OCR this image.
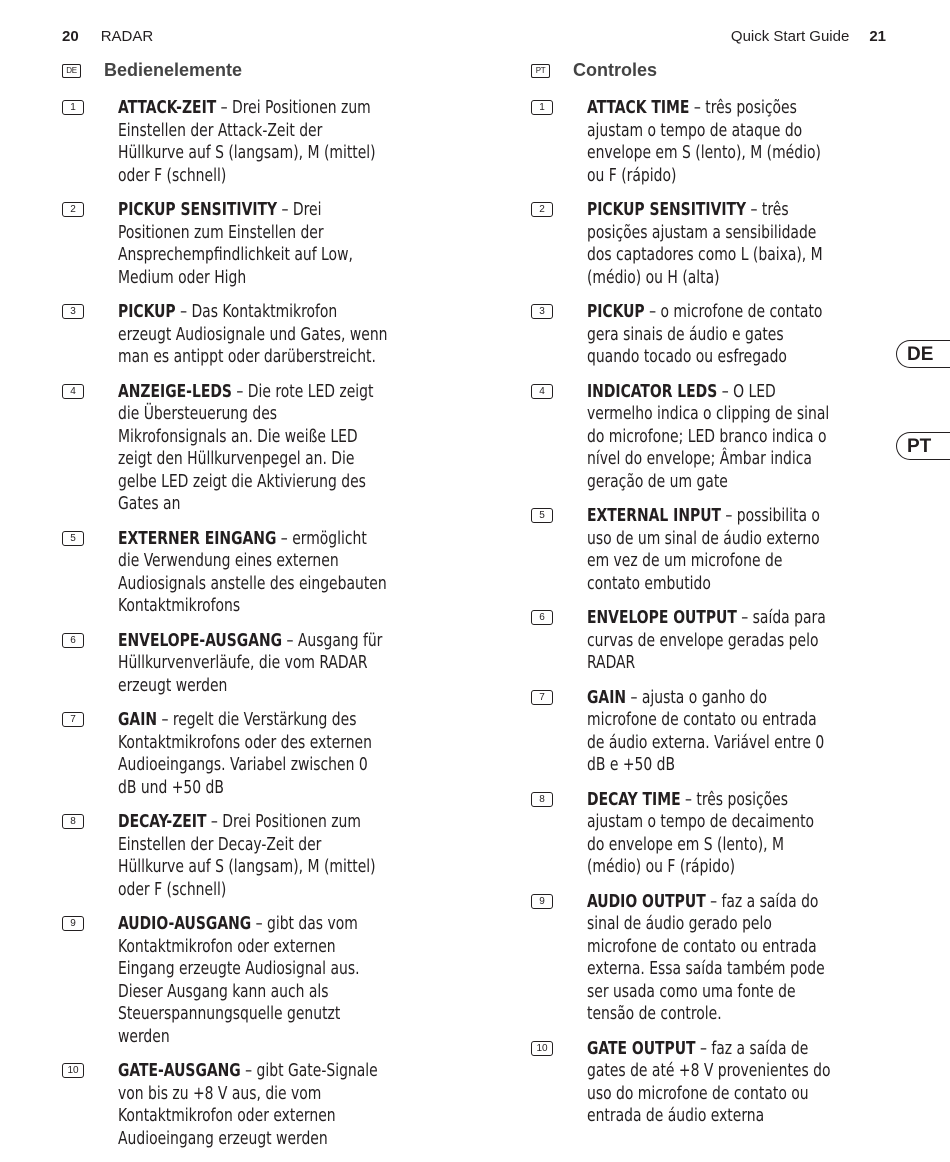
20 RADAR
DE Bedienelemente
1	ATTACK-ZEIT – Drei Positionen zum Einstellen der Attack-Zeit der Hüllkurve auf S (langsam), M (mittel) oder F (schnell)
2	PICKUP SENSITIVITY – Drei Positionen zum Einstellen der Ansprechempfindlichkeit auf Low, Medium oder High
3	PICKUP – Das Kontaktmikrofon erzeugt Audiosignale und Gates, wenn man es antippt oder darüberstreicht.
4	ANZEIGE-LEDS – Die rote LED zeigt die Übersteuerung des Mikrofonsignals an. Die weiße LED zeigt den Hüllkurvenpegel an. Die gelbe LED zeigt die Aktivierung des Gates an
5	EXTERNER EINGANG – ermöglicht die Verwendung eines externen Audiosignals anstelle des eingebauten Kontaktmikrofons
6	ENVELOPE-AUSGANG – Ausgang für Hüllkurvenverläufe, die vom RADAR erzeugt werden
7	GAIN – regelt die Verstärkung des Kontaktmikrofons oder des externen Audioeingangs. Variabel zwischen 0 dB und +50 dB
8	DECAY-ZEIT – Drei Positionen zum Einstellen der Decay-Zeit der Hüllkurve auf S (langsam), M (mittel) oder F (schnell)
9	AUDIO-AUSGANG – gibt das vom Kontaktmikrofon oder externen Eingang erzeugte Audiosignal aus. Dieser Ausgang kann auch als Steuerspannungsquelle genutzt werden
10	GATE-AUSGANG – gibt Gate-Signale von bis zu +8 V aus, die vom Kontaktmikrofon oder externen Audioeingang erzeugt werden
Quick Start Guide 21
PT Controles
1	ATTACK TIME – três posições ajustam o tempo de ataque do envelope em S (lento), M (médio) ou F (rápido)
2	PICKUP SENSITIVITY – três posições ajustam a sensibilidade dos captadores como L (baixa), M (médio) ou H (alta)
3	PICKUP – o microfone de contato gera sinais de áudio e gates quando tocado ou esfregado
4	INDICATOR LEDS – O LED vermelho indica o clipping de sinal do microfone; LED branco indica o nível do envelope; Âmbar indica geração de um gate
5	EXTERNAL INPUT – possibilita o uso de um sinal de áudio externo em vez de um microfone de contato embutido
6	ENVELOPE OUTPUT – saída para curvas de envelope geradas pelo RADAR
7	GAIN – ajusta o ganho do microfone de contato ou entrada de áudio externa. Variável entre 0 dB e +50 dB
8	DECAY TIME – três posições ajustam o tempo de decaimento do envelope em S (lento), M (médio) ou F (rápido)
9	AUDIO OUTPUT – faz a saída do sinal de áudio gerado pelo microfone de contato ou entrada externa. Essa saída também pode ser usada como uma fonte de tensão de controle.
10	GATE OUTPUT – faz a saída de gates de até +8 V provenientes do uso do microfone de contato ou entrada de áudio externa
DE
PT
